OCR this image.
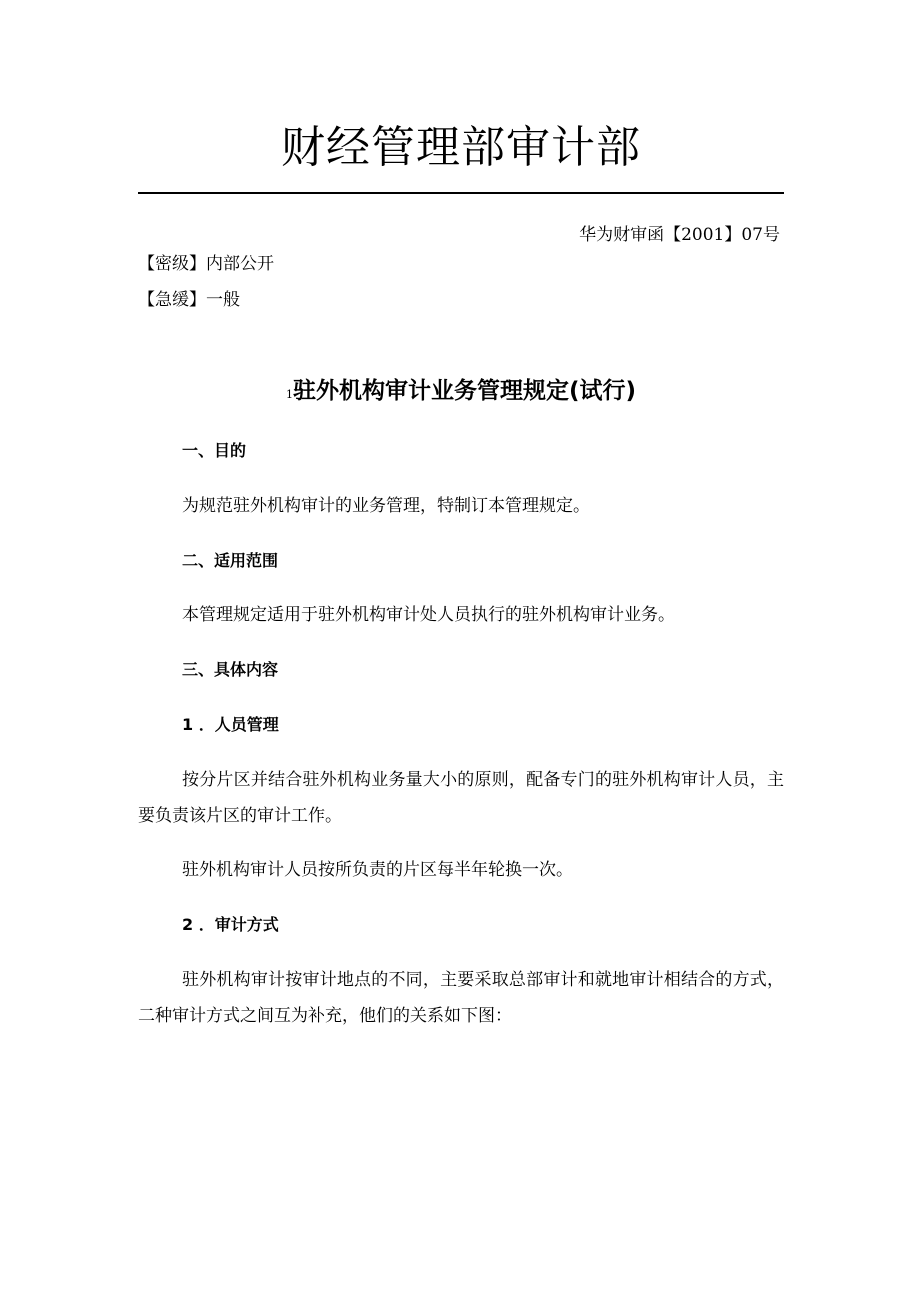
财经管理部审计部
华为财审函【2001】07号
【密级】内部公开
【急缓】一般
1驻外机构审计业务管理规定(试行)
一、目的
为规范驻外机构审计的业务管理，特制订本管理规定。
二、适用范围
本管理规定适用于驻外机构审计处人员执行的驻外机构审计业务。
三、具体内容
1 ．人员管理
按分片区并结合驻外机构业务量大小的原则，配备专门的驻外机构审计人员，主要负责该片区的审计工作。
驻外机构审计人员按所负责的片区每半年轮换一次。
2 ．审计方式
驻外机构审计按审计地点的不同，主要采取总部审计和就地审计相结合的方式，二种审计方式之间互为补充，他们的关系如下图：
